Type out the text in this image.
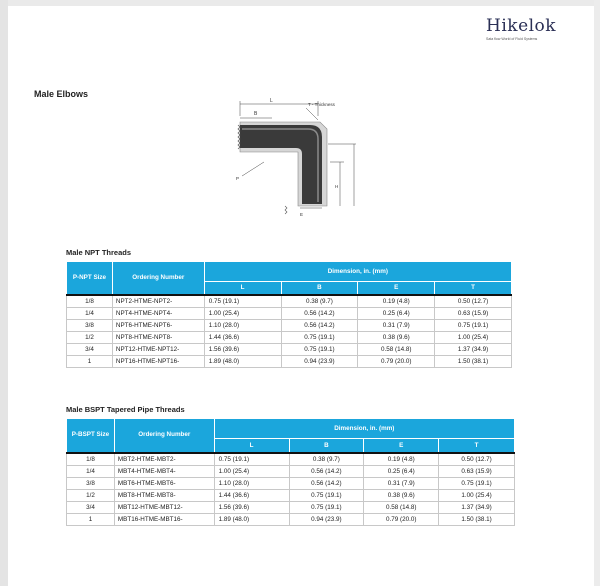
Hikelok
Sata flow World of Fluid Systems
Male Elbows
L
B
T - Thickness
H
E
P
Male NPT Threads
P-NPT Size	Ordering Number	Dimension, in. (mm)			
		L	B	E	T
1/8	NPT2-HTME-NPT2-	0.75 (19.1)	0.38 (9.7)	0.19 (4.8)	0.50 (12.7)
1/4	NPT4-HTME-NPT4-	1.00 (25.4)	0.56 (14.2)	0.25 (6.4)	0.63 (15.9)
3/8	NPT6-HTME-NPT6-	1.10 (28.0)	0.56 (14.2)	0.31 (7.9)	0.75 (19.1)
1/2	NPT8-HTME-NPT8-	1.44 (36.6)	0.75 (19.1)	0.38 (9.6)	1.00 (25.4)
3/4	NPT12-HTME-NPT12-	1.56 (39.6)	0.75 (19.1)	0.58 (14.8)	1.37 (34.9)
1	NPT16-HTME-NPT16-	1.89 (48.0)	0.94 (23.9)	0.79 (20.0)	1.50 (38.1)
Male BSPT Tapered Pipe Threads
P-BSPT Size	Ordering Number	Dimension, in. (mm)			
		L	B	E	T
1/8	MBT2-HTME-MBT2-	0.75 (19.1)	0.38 (9.7)	0.19 (4.8)	0.50 (12.7)
1/4	MBT4-HTME-MBT4-	1.00 (25.4)	0.56 (14.2)	0.25 (6.4)	0.63 (15.9)
3/8	MBT6-HTME-MBT6-	1.10 (28.0)	0.56 (14.2)	0.31 (7.9)	0.75 (19.1)
1/2	MBT8-HTME-MBT8-	1.44 (36.6)	0.75 (19.1)	0.38 (9.6)	1.00 (25.4)
3/4	MBT12-HTME-MBT12-	1.56 (39.6)	0.75 (19.1)	0.58 (14.8)	1.37 (34.9)
1	MBT16-HTME-MBT16-	1.89 (48.0)	0.94 (23.9)	0.79 (20.0)	1.50 (38.1)
